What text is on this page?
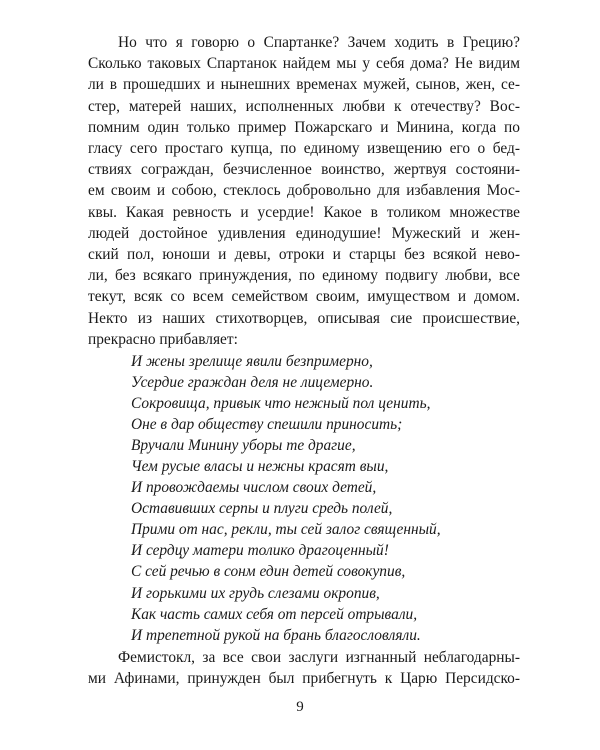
Но что я говорю о Спартанке? Зачем ходить в Грецию?
Сколько таковых Спартанок найдем мы у себя дома? Не видим
ли в прошедших и нынешних временах мужей, сынов, жен, се-
стер, матерей наших, исполненных любви к отечеству? Вос-
помним один только пример Пожарскаго и Минина, когда по
гласу сего простаго купца, по единому извещению его о бед-
ствиях сограждан, безчисленное воинство, жертвуя состояни-
ем своим и собою, стеклось добровольно для избавления Мос-
квы. Какая ревность и усердие! Какое в толиком множестве
людей достойное удивления единодушие! Мужеский и жен-
ский пол, юноши и девы, отроки и старцы без всякой нево-
ли, без всякаго принуждения, по единому подвигу любви, все
текут, всяк со всем семейством своим, имуществом и домом.
Некто из наших стихотворцев, описывая сие происшествие,
прекрасно прибавляет:
И жены зрелище явили безпримерно,
Усердие граждан деля не лицемерно.
Сокровища, привык что нежный пол ценить,
Оне в дар обществу спешили приносить;
Вручали Минину уборы те драгие,
Чем русые власы и нежны красят выи,
И провождаемы числом своих детей,
Оставивших серпы и плуги средь полей,
Прими от нас, рекли, ты сей залог священный,
И сердцу матери толико драгоценный!
С сей речью в сонм един детей совокупив,
И горькими их грудь слезами окропив,
Как часть самих себя от персей отрывали,
И трепетной рукой на брань благословляли.
Фемистокл, за все свои заслуги изгнанный неблагодарны-
ми Афинами, принужден был прибегнуть к Царю Персидско-
9
